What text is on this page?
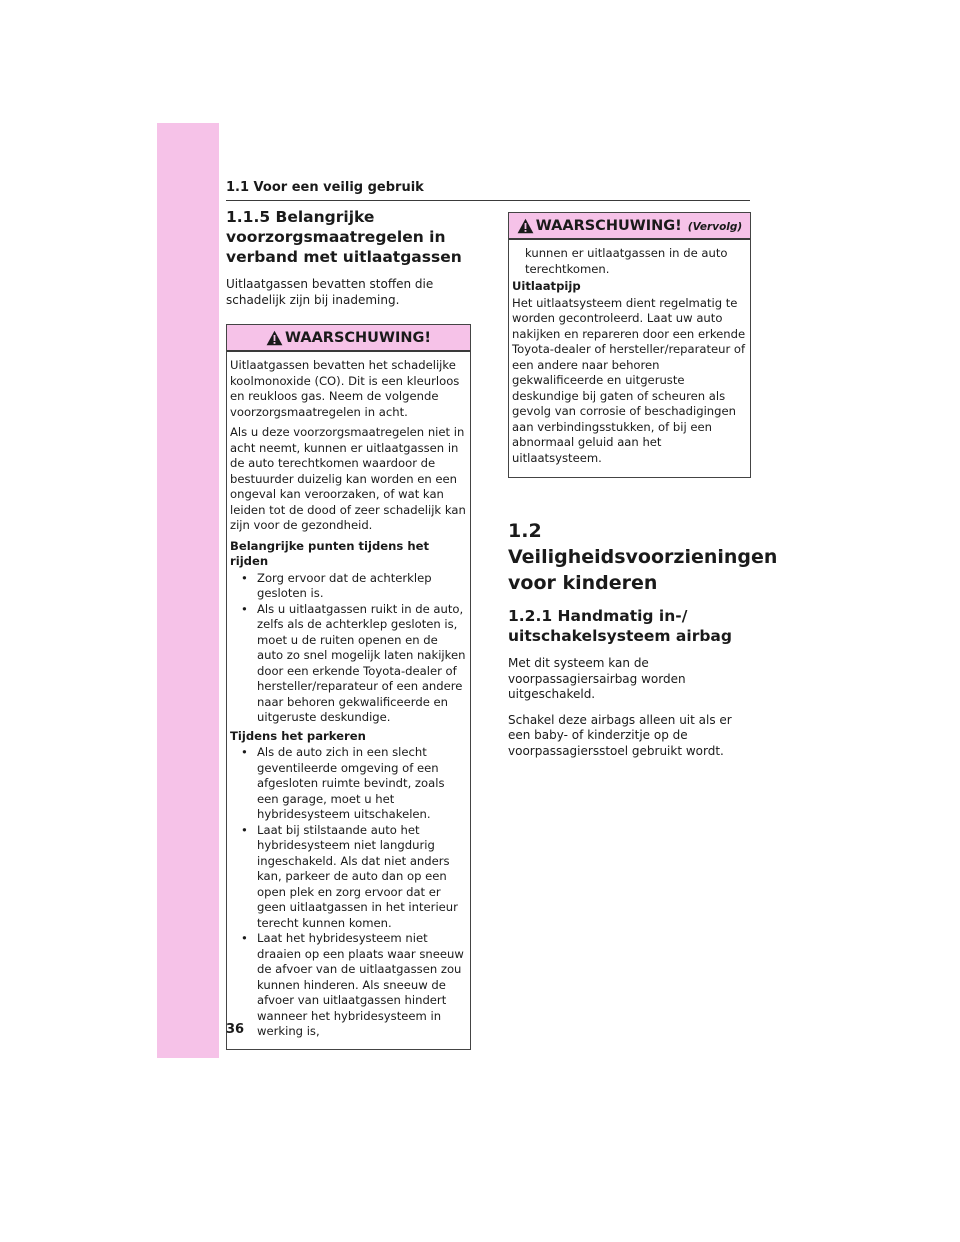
1.1 Voor een veilig gebruik
1.1.5 Belangrijke voorzorgsmaatregelen in verband met uitlaatgassen
Uitlaatgassen bevatten stoffen die schadelijk zijn bij inademing.
WAARSCHUWING!

Uitlaatgassen bevatten het schadelijke koolmonoxide (CO). Dit is een kleurloos en reukloos gas. Neem de volgende voorzorgsmaatregelen in acht.

Als u deze voorzorgsmaatregelen niet in acht neemt, kunnen er uitlaatgassen in de auto terechtkomen waardoor de bestuurder duizelig kan worden en een ongeval kan veroorzaken, of wat kan leiden tot de dood of zeer schadelijk kan zijn voor de gezondheid.

Belangrijke punten tijdens het rijden
• Zorg ervoor dat de achterklep gesloten is.
• Als u uitlaatgassen ruikt in de auto, zelfs als de achterklep gesloten is, moet u de ruiten openen en de auto zo snel mogelijk laten nakijken door een erkende Toyota-dealer of hersteller/reparateur of een andere naar behoren gekwalificeerde en uitgeruste deskundige.
Tijdens het parkeren
• Als de auto zich in een slecht geventileerde omgeving of een afgesloten ruimte bevindt, zoals een garage, moet u het hybridesysteem uitschakelen.
• Laat bij stilstaande auto het hybridesysteem niet langdurig ingeschakeld. Als dat niet anders kan, parkeer de auto dan op een open plek en zorg ervoor dat er geen uitlaatgassen in het interieur terecht kunnen komen.
• Laat het hybridesysteem niet draaien op een plaats waar sneeuw de afvoer van de uitlaatgassen zou kunnen hinderen. Als sneeuw de afvoer van uitlaatgassen hindert wanneer het hybridesysteem in werking is,
WAARSCHUWING! (Vervolg)

kunnen er uitlaatgassen in de auto terechtkomen.

Uitlaatpijp

Het uitlaatsysteem dient regelmatig te worden gecontroleerd. Laat uw auto nakijken en repareren door een erkende Toyota-dealer of hersteller/reparateur of een andere naar behoren gekwalificeerde en uitgeruste deskundige bij gaten of scheuren als gevolg van corrosie of beschadigingen aan verbindingsstukken, of bij een abnormaal geluid aan het uitlaatsysteem.

1.2 Veiligheidsvoorzieningen voor kinderen
1.2.1 Handmatig in-/ uitschakelsysteem airbag
Met dit systeem kan de voorpassagiersairbag worden uitgeschakeld.
Schakel deze airbags alleen uit als er een baby- of kinderzitje op de voorpassagiersstoel gebruikt wordt.
36
